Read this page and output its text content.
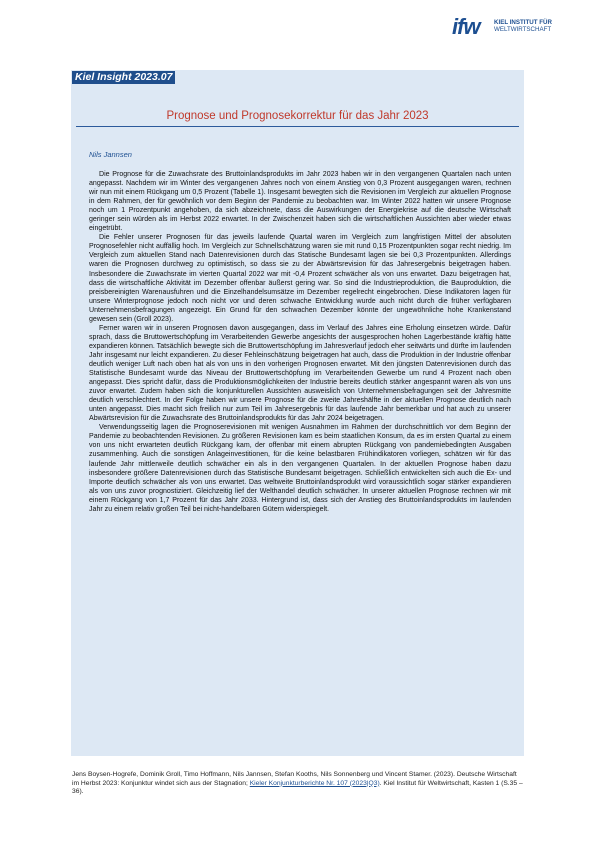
ifw KIEL INSTITUT FÜR
WELTWIRTSCHAFT
Kiel Insight 2023.07
Prognose und Prognosekorrektur für das Jahr 2023
Nils Jannsen

Die Prognose für die Zuwachsrate des Bruttoinlandsprodukts im Jahr 2023 haben wir in den vergangenen Quartalen nach unten angepasst. Nachdem wir im Winter des vergangenen Jahres noch von einem Anstieg von 0,3 Prozent ausgegangen waren, rechnen wir nun mit einem Rückgang um 0,5 Prozent (Tabelle 1). Insgesamt bewegten sich die Revisionen im Vergleich zur aktuellen Prognose in dem Rahmen, der für gewöhnlich vor dem Beginn der Pandemie zu beobachten war. Im Winter 2022 hatten wir unsere Prognose noch um 1 Prozentpunkt angehoben, da sich abzeichnete, dass die Auswirkungen der Energiekrise auf die deutsche Wirtschaft geringer sein würden als im Herbst 2022 erwartet. In der Zwischenzeit haben sich die wirtschaftlichen Aussichten aber wieder etwas eingetrübt.

Die Fehler unserer Prognosen für das jeweils laufende Quartal waren im Vergleich zum langfristigen Mittel der absoluten Prognosefehler nicht auffällig hoch. Im Vergleich zur Schnellschätzung waren sie mit rund 0,15 Prozentpunkten sogar recht niedrig. Im Vergleich zum aktuellen Stand nach Datenrevisionen durch das Statische Bundesamt lagen sie bei 0,3 Prozentpunkten. Allerdings waren die Prognosen durchweg zu optimistisch, so dass sie zu der Abwärtsrevision für das Jahresergebnis beigetragen haben. Insbesondere die Zuwachsrate im vierten Quartal 2022 war mit -0,4 Prozent schwächer als von uns erwartet. Dazu beigetragen hat, dass die wirtschaftliche Aktivität im Dezember offenbar äußerst gering war. So sind die Industrieproduktion, die Bauproduktion, die preisbereinigten Warenausfuhren und die Einzelhandelsumsätze im Dezember regelrecht eingebrochen. Diese Indikatoren lagen für unsere Winterprognose jedoch noch nicht vor und deren schwache Entwicklung wurde auch nicht durch die früher verfügbaren Unternehmensbefragungen angezeigt. Ein Grund für den schwachen Dezember könnte der ungewöhnliche hohe Krankenstand gewesen sein (Groll 2023).

Ferner waren wir in unseren Prognosen davon ausgegangen, dass im Verlauf des Jahres eine Erholung einsetzen würde. Dafür sprach, dass die Bruttowertschöpfung im Verarbeitenden Gewerbe angesichts der ausgesprochen hohen Lagerbestände kräftig hätte expandieren können. Tatsächlich bewegte sich die Bruttowertschöpfung im Jahresverlauf jedoch eher seitwärts und dürfte im laufenden Jahr insgesamt nur leicht expandieren. Zu dieser Fehleinschätzung beigetragen hat auch, dass die Produktion in der Industrie offenbar deutlich weniger Luft nach oben hat als von uns in den vorherigen Prognosen erwartet. Mit den jüngsten Datenrevisionen durch das Statistische Bundesamt wurde das Niveau der Bruttowertschöpfung im Verarbeitenden Gewerbe um rund 4 Prozent nach oben angepasst. Dies spricht dafür, dass die Produktionsmöglichkeiten der Industrie bereits deutlich stärker angespannt waren als von uns zuvor erwartet. Zudem haben sich die konjunkturellen Aussichten ausweislich von Unternehmensbefragungen seit der Jahresmitte deutlich verschlechtert. In der Folge haben wir unsere Prognose für die zweite Jahreshälfte in der aktuellen Prognose deutlich nach unten angepasst. Dies macht sich freilich nur zum Teil im Jahresergebnis für das laufende Jahr bemerkbar und hat auch zu unserer Abwärtsrevision für die Zuwachsrate des Bruttoinlandsprodukts für das Jahr 2024 beigetragen.

Verwendungsseitig lagen die Prognoserevisionen mit wenigen Ausnahmen im Rahmen der durchschnittlich vor dem Beginn der Pandemie zu beobachtenden Revisionen. Zu größeren Revisionen kam es beim staatlichen Konsum, da es im ersten Quartal zu einem von uns nicht erwarteten deutlich Rückgang kam, der offenbar mit einem abrupten Rückgang von pandemiebedingten Ausgaben zusammenhing. Auch die sonstigen Anlageinvestitionen, für die keine belastbaren Frühindikatoren vorliegen, schätzen wir für das laufende Jahr mittlerweile deutlich schwächer ein als in den vergangenen Quartalen. In der aktuellen Prognose haben dazu insbesondere größere Datenrevisionen durch das Statistische Bundesamt beigetragen. Schließlich entwickelten sich auch die Ex- und Importe deutlich schwächer als von uns erwartet. Das weltweite Bruttoinlandsprodukt wird voraussichtlich sogar stärker expandieren als von uns zuvor prognostiziert. Gleichzeitig lief der Welthandel deutlich schwächer. In unserer aktuellen Prognose rechnen wir mit einem Rückgang von 1,7 Prozent für das Jahr 2033. Hintergrund ist, dass sich der Anstieg des Bruttoinlandsprodukts im laufenden Jahr zu einem relativ großen Teil bei nicht-handelbaren Gütern widerspiegelt.

Jens Boysen-Hogrefe, Dominik Groll, Timo Hoffmann, Nils Jannsen, Stefan Kooths, Nils Sonnenberg und Vincent Stamer. (2023). Deutsche Wirtschaft im Herbst 2023: Konjunktur windet sich aus der Stagnation; Kieler Konjunkturberichte Nr. 107 (2023|Q3). Kiel Institut für Weltwirtschaft, Kasten 1 (S.35 – 36).
